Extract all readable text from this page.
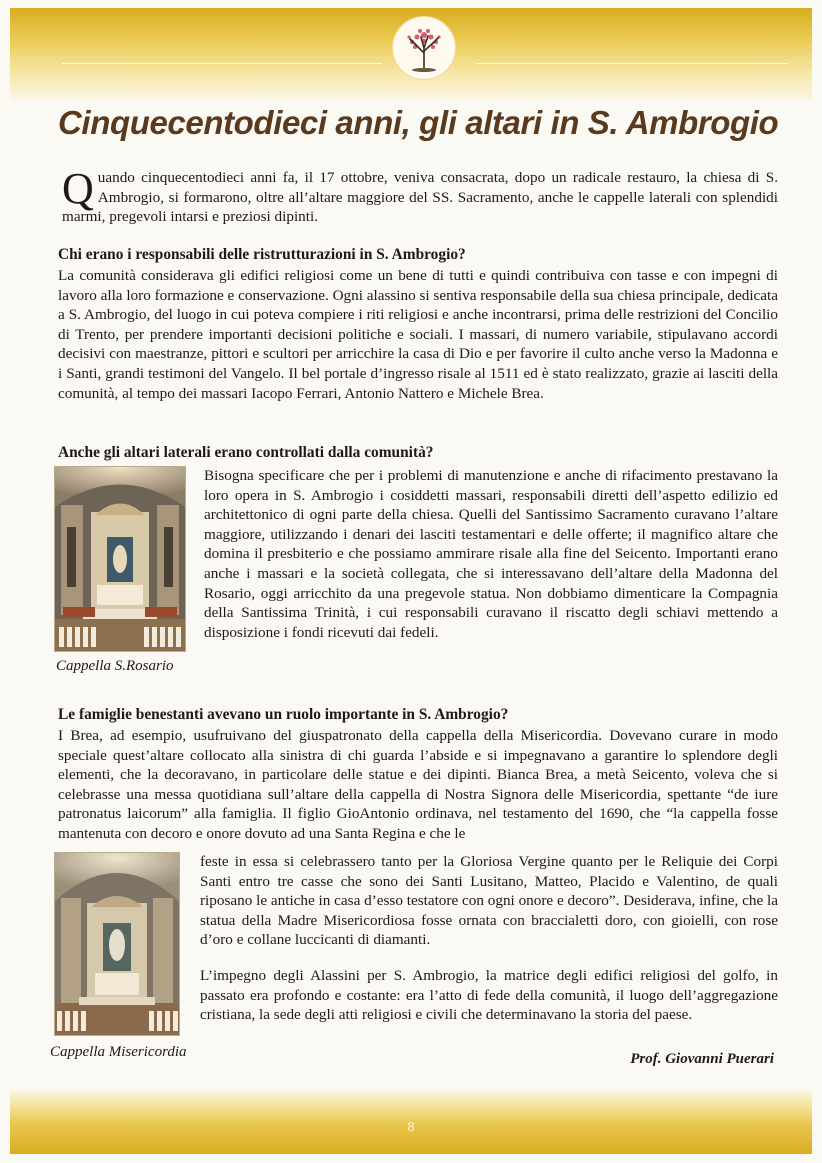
Cinquecentodieci anni, gli altari in S. Ambrogio
Quando cinquecentodieci anni fa, il 17 ottobre, veniva consacrata, dopo un radicale restauro, la chiesa di S. Ambrogio, si formarono, oltre all’altare maggiore del SS. Sacramento, anche le cappelle laterali con splendidi marmi, pregevoli intarsi e preziosi dipinti.
Chi erano i responsabili delle ristrutturazioni in S. Ambrogio?
La comunità considerava gli edifici religiosi come un bene di tutti e quindi contribuiva con tasse e con impegni di lavoro alla loro formazione e conservazione. Ogni alassino si sentiva responsabile della sua chiesa principale, dedicata a S. Ambrogio, del luogo in cui poteva compiere i riti religiosi e anche incontrarsi, prima delle restrizioni del Concilio di Trento, per prendere importanti decisioni politiche e sociali. I massari, di numero variabile, stipulavano accordi decisivi con maestranze, pittori e scultori per arricchire la casa di Dio e per favorire il culto anche verso la Madonna e i Santi, grandi testimoni del Vangelo. Il bel portale d’ingresso risale al 1511 ed è stato realizzato, grazie ai lasciti della comunità, al tempo dei massari Iacopo Ferrari, Antonio Nattero e Michele Brea.
Anche gli altari laterali erano controllati dalla comunità?
Cappella S.Rosario
Bisogna specificare che per i problemi di manutenzione e anche di rifacimento prestavano la loro opera in S. Ambrogio i cosiddetti massari, responsabili diretti dell’aspetto edilizio ed architettonico di ogni parte della chiesa. Quelli del Santissimo Sacramento curavano l’altare maggiore, utilizzando i denari dei lasciti testamentari e delle offerte; il magnifico altare che domina il presbiterio e che possiamo ammirare risale alla fine del Seicento. Importanti erano anche i massari e la società collegata, che si interessavano dell’altare della Madonna del Rosario, oggi arricchito da una pregevole statua. Non dobbiamo dimenticare la Compagnia della Santissima Trinità, i cui responsabili curavano il riscatto degli schiavi mettendo a disposizione i fondi ricevuti dai fedeli.
Le famiglie benestanti avevano un ruolo importante in S. Ambrogio?
I Brea, ad esempio, usufruivano del giuspatronato della cappella della Misericordia. Dovevano curare in modo speciale quest’altare collocato alla sinistra di chi guarda l’abside e si impegnavano a garantire lo splendore degli elementi, che la decoravano, in particolare delle statue e dei dipinti. Bianca Brea, a metà Seicento, voleva che si celebrasse una messa quotidiana sull’altare della cappella di Nostra Signora delle Misericordia, spettante “de iure patronatus laicorum” alla famiglia. Il figlio GioAntonio ordinava, nel testamento del 1690, che “la cappella fosse mantenuta con decoro e onore dovuto ad una Santa Regina e che le
Cappella Misericordia
feste in essa si celebrassero tanto per la Gloriosa Vergine quanto per le Reliquie dei Corpi Santi entro tre casse che sono dei Santi Lusitano, Matteo, Placido e Valentino, de quali riposano le antiche in casa d’esso testatore con ogni onore e decoro”. Desiderava, infine, che la statua della Madre Misericordiosa fosse ornata con braccialetti doro, con gioielli, con rose d’oro e collane luccicanti di diamanti.
L’impegno degli Alassini per S. Ambrogio, la matrice degli edifici religiosi del golfo, in passato era profondo e costante: era l’atto di fede della comunità, il luogo dell’aggregazione cristiana, la sede degli atti religiosi e civili che determinavano la storia del paese.
Prof. Giovanni Puerari
8
